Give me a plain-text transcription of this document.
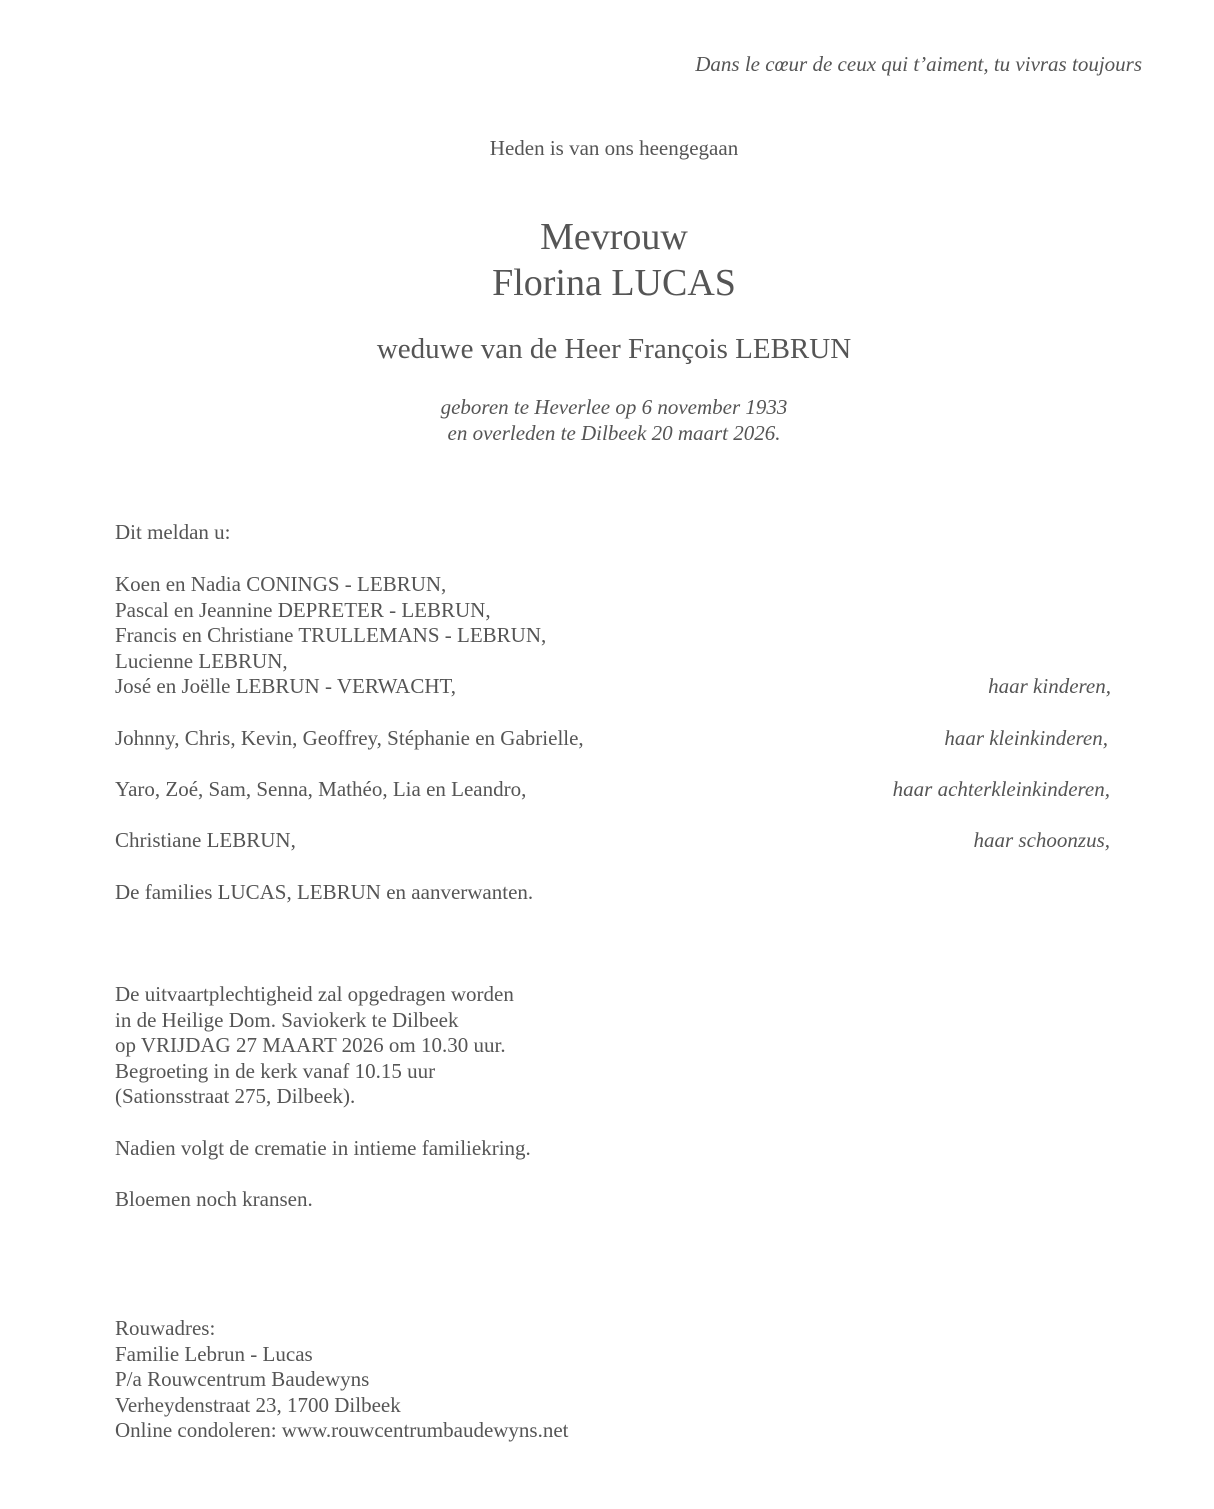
Dans le cœur de ceux qui t’aiment, tu vivras toujours
Heden is van ons heengegaan
Mevrouw
Florina LUCAS
weduwe van de Heer François LEBRUN
geboren te Heverlee op 6 november 1933
en overleden te Dilbeek 20 maart 2026.
Dit meldan u:
Koen en Nadia CONINGS - LEBRUN,
Pascal en Jeannine DEPRETER - LEBRUN,
Francis en Christiane TRULLEMANS - LEBRUN,
Lucienne LEBRUN,
José en Joëlle LEBRUN - VERWACHT,	haar kinderen,
Johnny, Chris, Kevin, Geoffrey, Stéphanie en Gabrielle,	haar kleinkinderen,
Yaro, Zoé, Sam, Senna, Mathéo, Lia en Leandro,	haar achterkleinkinderen,
Christiane LEBRUN,	haar schoonzus,
De families LUCAS, LEBRUN en aanverwanten.
De uitvaartplechtigheid zal opgedragen worden
in de Heilige Dom. Saviokerk te Dilbeek
op VRIJDAG 27 MAART 2026 om 10.30 uur.
Begroeting in de kerk vanaf 10.15 uur
(Sationsstraat 275, Dilbeek).
Nadien volgt de crematie in intieme familiekring.
Bloemen noch kransen.
Rouwadres:
Familie Lebrun - Lucas
P/a Rouwcentrum Baudewyns
Verheydenstraat 23, 1700 Dilbeek
Online condoleren: www.rouwcentrumbaudewyns.net
